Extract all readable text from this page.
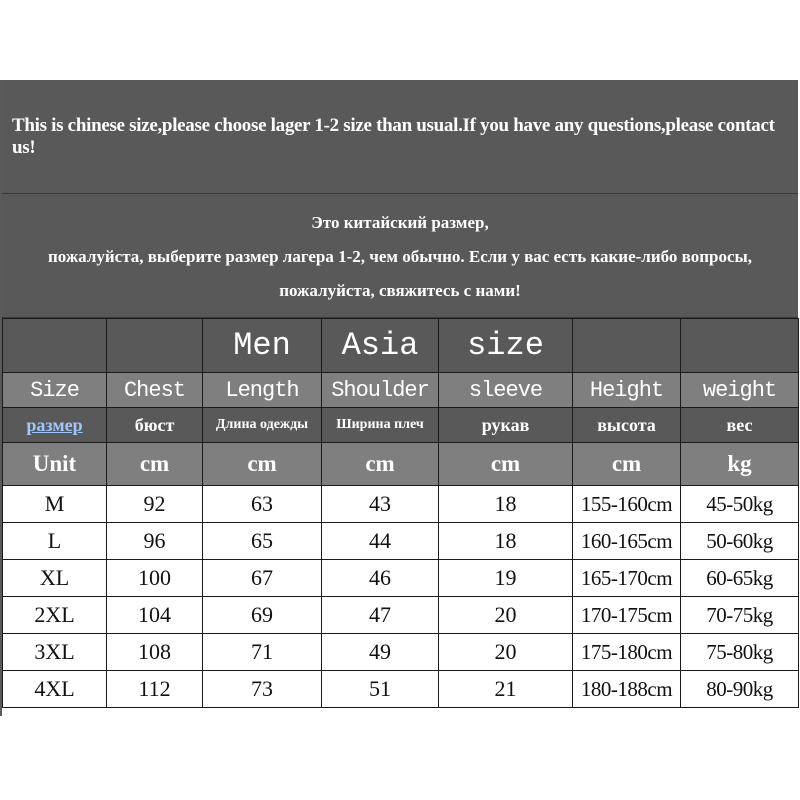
This is chinese size,please choose lager 1-2 size than usual.If you have any questions,please contact us!
Это китайский размер,
пожалуйста, выберите размер лагера 1-2, чем обычно. Если у вас есть какие-либо вопросы,
пожалуйста, свяжитесь с нами!
		Men	Asia	size		
Size	Chest	Length	Shoulder	sleeve	Height	weight
размер	бюст	Длина одежды	Ширина плеч	рукав	высота	вес
Unit	cm	cm	cm	cm	cm	kg
M	92	63	43	18	155-160cm	45-50kg
L	96	65	44	18	160-165cm	50-60kg
XL	100	67	46	19	165-170cm	60-65kg
2XL	104	69	47	20	170-175cm	70-75kg
3XL	108	71	49	20	175-180cm	75-80kg
4XL	112	73	51	21	180-188cm	80-90kg
